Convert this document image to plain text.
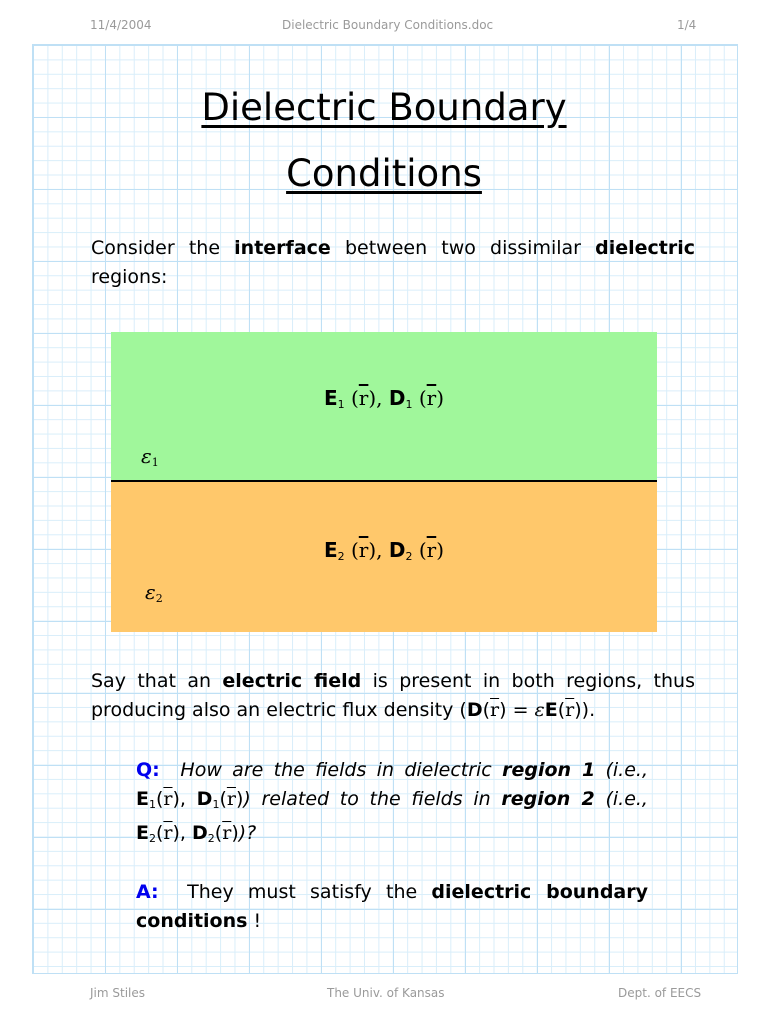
11/4/2004	Dielectric Boundary Conditions.doc	1/4
Dielectric Boundary
Conditions
Consider the interface between two dissimilar dielectric regions:
$E_1$ $(\overline{r})$, $D_1$ $(\overline{r})$
$\varepsilon_1$
$E_2$ $(\overline{r})$, $D_2$ $(\overline{r})$
$\varepsilon_2$
Say that an electric field is present in both regions, thus producing also an electric flux density $(D(\overline{r}) = \varepsilon E(\overline{r}))$.
Q: How are the fields in dielectric region 1 (i.e., $E_1(\overline{r})$, $D_1(\overline{r})$) related to the fields in region 2 (i.e., $E_2(\overline{r})$, $D_2(\overline{r})$)?
A: They must satisfy the dielectric boundary conditions !
Jim Stiles	The Univ. of Kansas	Dept. of EECS
